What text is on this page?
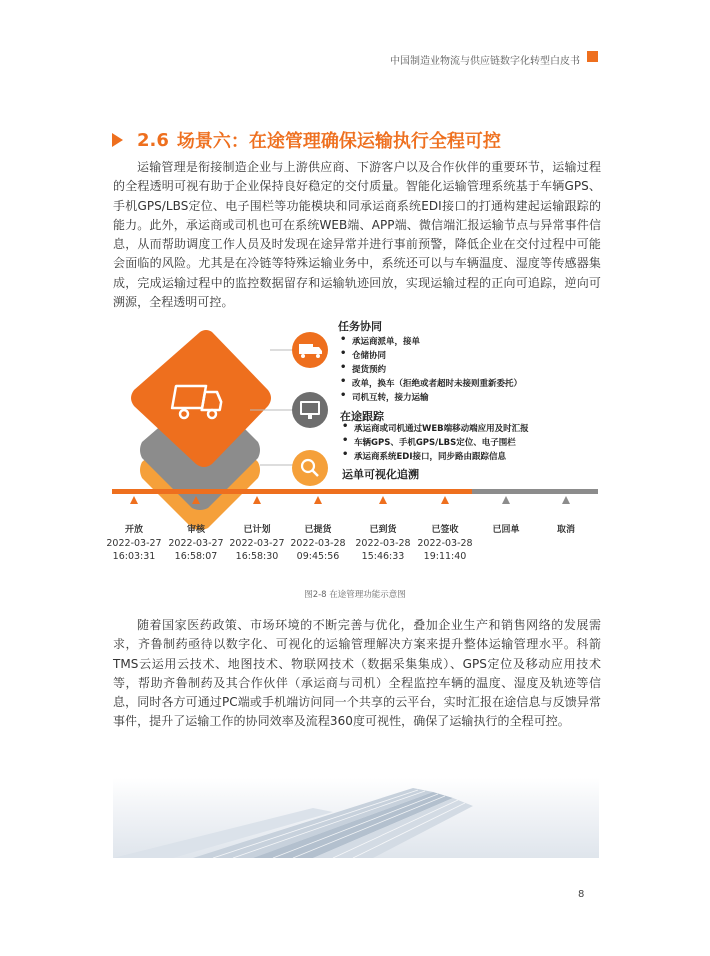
中国制造业物流与供应链数字化转型白皮书
2.6 场景六：在途管理确保运输执行全程可控
运输管理是衔接制造企业与上游供应商、下游客户以及合作伙伴的重要环节，运输过程的全程透明可视有助于企业保持良好稳定的交付质量。智能化运输管理系统基于车辆GPS、手机GPS/LBS定位、电子围栏等功能模块和同承运商系统EDI接口的打通构建起运输跟踪的能力。此外，承运商或司机也可在系统WEB端、APP端、微信端汇报运输节点与异常事件信息，从而帮助调度工作人员及时发现在途异常并进行事前预警，降低企业在交付过程中可能会面临的风险。尤其是在冷链等特殊运输业务中，系统还可以与车辆温度、湿度等传感器集成，完成运输过程中的监控数据留存和运输轨迹回放，实现运输过程的正向可追踪，逆向可溯源，全程透明可控。
任务协同
• 承运商派单，接单
• 仓储协同
• 提货预约
• 改单，换车（拒绝或者超时未接则重新委托）
• 司机互转，接力运输
在途跟踪
• 承运商或司机通过WEB端移动端应用及时汇报
• 车辆GPS、手机GPS/LBS定位、电子围栏
• 承运商系统EDI接口，同步路由跟踪信息
运单可视化追溯
开放
2022-03-27
16:03:31
审核
2022-03-27
16:58:07
已计划
2022-03-27
16:58:30
已提货
2022-03-28
09:45:56
已到货
2022-03-28
15:46:33
已签收
2022-03-28
19:11:40
已回单	取消
图2-8 在途管理功能示意图
随着国家医药政策、市场环境的不断完善与优化，叠加企业生产和销售网络的发展需求，齐鲁制药亟待以数字化、可视化的运输管理解决方案来提升整体运输管理水平。科箭TMS云运用云技术、地图技术、物联网技术（数据采集集成）、GPS定位及移动应用技术等，帮助齐鲁制药及其合作伙伴（承运商与司机）全程监控车辆的温度、湿度及轨迹等信息，同时各方可通过PC端或手机端访问同一个共享的云平台，实时汇报在途信息与反馈异常事件，提升了运输工作的协同效率及流程360度可视性，确保了运输执行的全程可控。
8
